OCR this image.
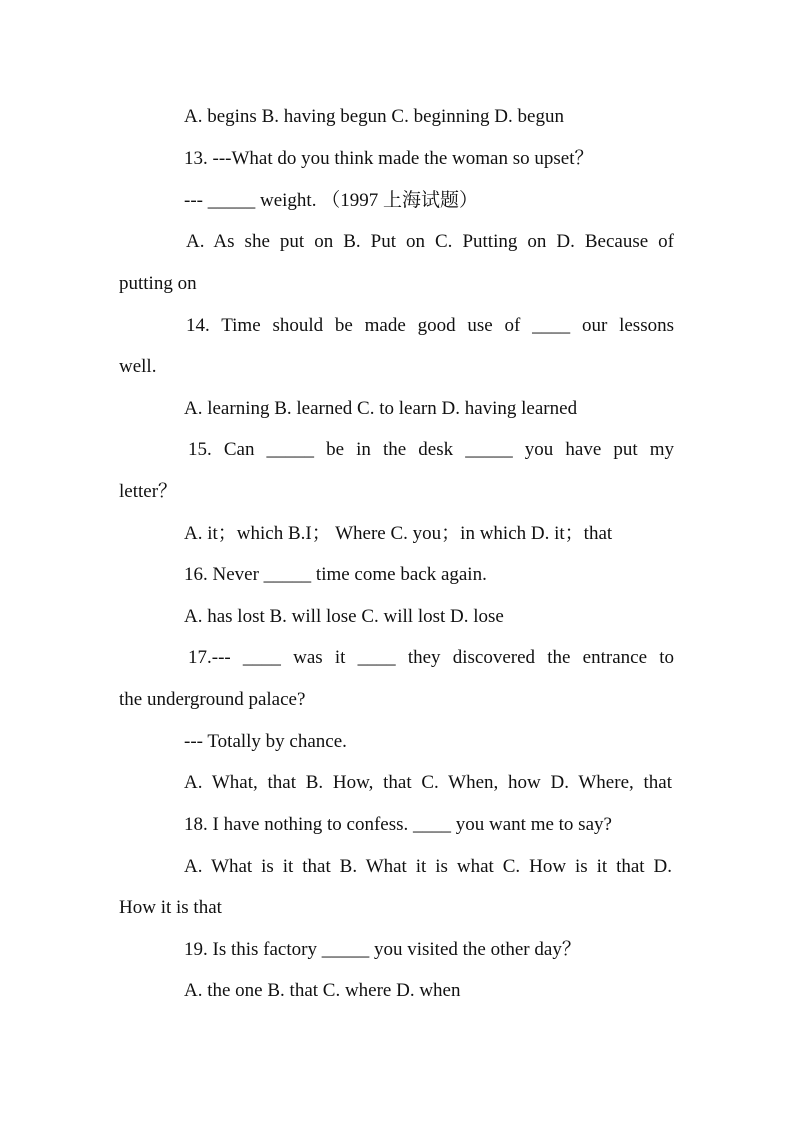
A. begins B. having begun C. beginning D. begun
13. ---What do you think made the woman so upset？
--- _____ weight. （1997 上海试题）
A. As she put on B. Put on C. Putting on D. Because of
putting on
14. Time should be made good use of ____ our lessons
well.
A. learning B. learned C. to learn D. having learned
15. Can _____ be in the desk _____ you have put my
letter？
A. it；which B.I； Where C. you；in which D. it；that
16. Never _____ time come back again.
A. has lost B. will lose C. will lost D. lose
17.--- ____ was it ____ they discovered the entrance to
the underground palace?
--- Totally by chance.
A. What, that B. How, that C. When, how D. Where, that
18. I have nothing to confess. ____ you want me to say?
A. What is it that B. What it is what C. How is it that D.
How it is that
19. Is this factory _____ you visited the other day？
A. the one B. that C. where D. when
